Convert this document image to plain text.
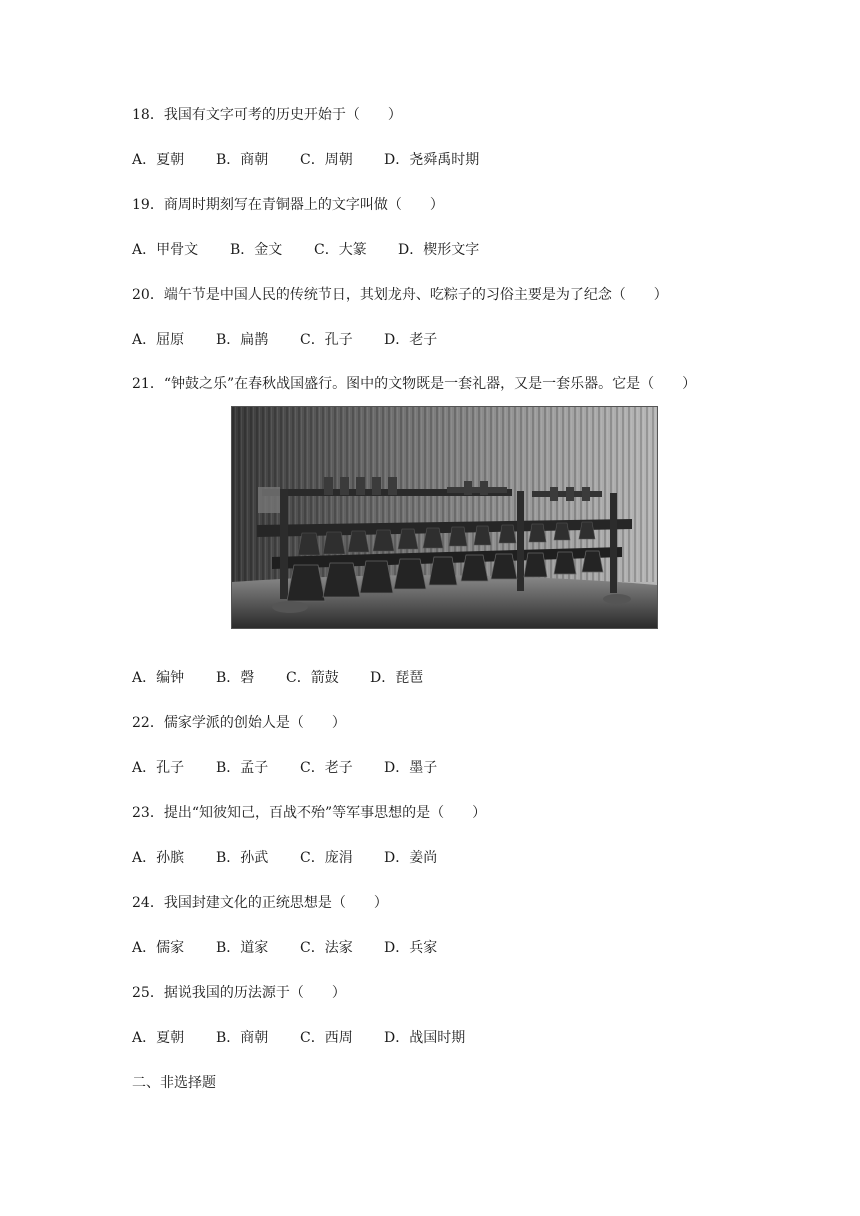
18．我国有文字可考的历史开始于（　　）
A．夏朝 B．商朝 C．周朝 D．尧舜禹时期
19．商周时期刻写在青铜器上的文字叫做（　　）
A．甲骨文 B．金文 C．大篆 D．楔形文字
20．端午节是中国人民的传统节日，其划龙舟、吃粽子的习俗主要是为了纪念（　　）
A．屈原 B．扁鹊 C．孔子 D．老子
21．“钟鼓之乐”在春秋战国盛行。图中的文物既是一套礼器，又是一套乐器。它是（　　）
A．编钟 B．磬 C．箭鼓 D．琵琶
22．儒家学派的创始人是（　　）
A．孔子 B．孟子 C．老子 D．墨子
23．提出“知彼知己，百战不殆”等军事思想的是（　　）
A．孙膑 B．孙武 C．庞涓 D．姜尚
24．我国封建文化的正统思想是（　　）
A．儒家 B．道家 C．法家 D．兵家
25．据说我国的历法源于（　　）
A．夏朝 B．商朝 C．西周 D．战国时期
二、非选择题
